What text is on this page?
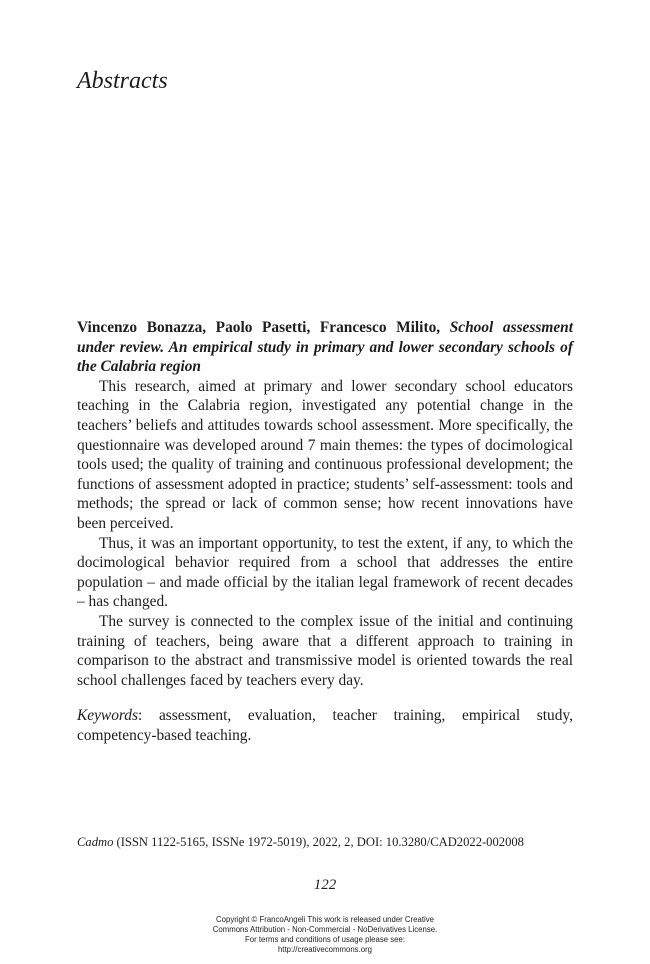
Abstracts
Vincenzo Bonazza, Paolo Pasetti, Francesco Milito, School assessment under review. An empirical study in primary and lower secondary schools of the Calabria region

This research, aimed at primary and lower secondary school educators teaching in the Calabria region, investigated any potential change in the teachers’ beliefs and attitudes towards school assessment. More specifically, the questionnaire was developed around 7 main themes: the types of docimological tools used; the quality of training and continuous professional development; the functions of assessment adopted in practice; students’ self-assessment: tools and methods; the spread or lack of common sense; how recent innovations have been perceived.

Thus, it was an important opportunity, to test the extent, if any, to which the docimological behavior required from a school that addresses the entire population – and made official by the italian legal framework of recent decades – has changed.

The survey is connected to the complex issue of the initial and continuing training of teachers, being aware that a different approach to training in comparison to the abstract and transmissive model is oriented towards the real school challenges faced by teachers every day.

Keywords: assessment, evaluation, teacher training, empirical study, competency-based teaching.
Cadmo (ISSN 1122-5165, ISSNe 1972-5019), 2022, 2, DOI: 10.3280/CAD2022-002008
122
Copyright © FrancoAngeli This work is released under Creative
Commons Attribution - Non-Commercial - NoDerivatives License.
For terms and conditions of usage please see:
http://creativecommons.org
